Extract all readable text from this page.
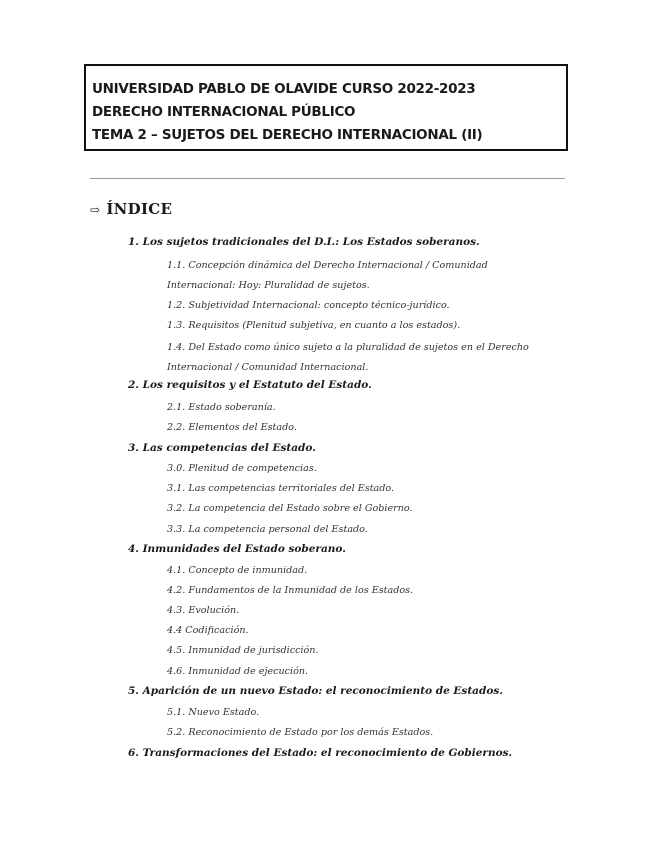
UNIVERSIDAD PABLO DE OLAVIDE CURSO 2022-2023
DERECHO INTERNACIONAL PÚBLICO
TEMA 2 – SUJETOS DEL DERECHO INTERNACIONAL (II)
⇨ ÍNDICE
1. Los sujetos tradicionales del D.I.: Los Estados soberanos.
1.1. Concepción dinámica del Derecho Internacional / Comunidad Internacional: Hoy: Pluralidad de sujetos.
1.2. Subjetividad Internacional: concepto técnico-jurídico.
1.3. Requisitos (Plenitud subjetiva, en cuanto a los estados).
1.4. Del Estado como único sujeto a la pluralidad de sujetos en el Derecho Internacional / Comunidad Internacional.
2. Los requisitos y el Estatuto del Estado.
2.1. Estado soberanía.
2.2. Elementos del Estado.
3. Las competencias del Estado.
3.0. Plenitud de competencias.
3.1. Las competencias territoriales del Estado.
3.2. La competencia del Estado sobre el Gobierno.
3.3. La competencia personal del Estado.
4. Inmunidades del Estado soberano.
4.1. Concepto de inmunidad.
4.2. Fundamentos de la Inmunidad de los Estados.
4.3. Evolución.
4.4 Codificación.
4.5. Inmunidad de jurisdicción.
4.6. Inmunidad de ejecución.
5. Aparición de un nuevo Estado: el reconocimiento de Estados.
5.1. Nuevo Estado.
5.2. Reconocimiento de Estado por los demás Estados.
6. Transformaciones del Estado: el reconocimiento de Gobiernos.
